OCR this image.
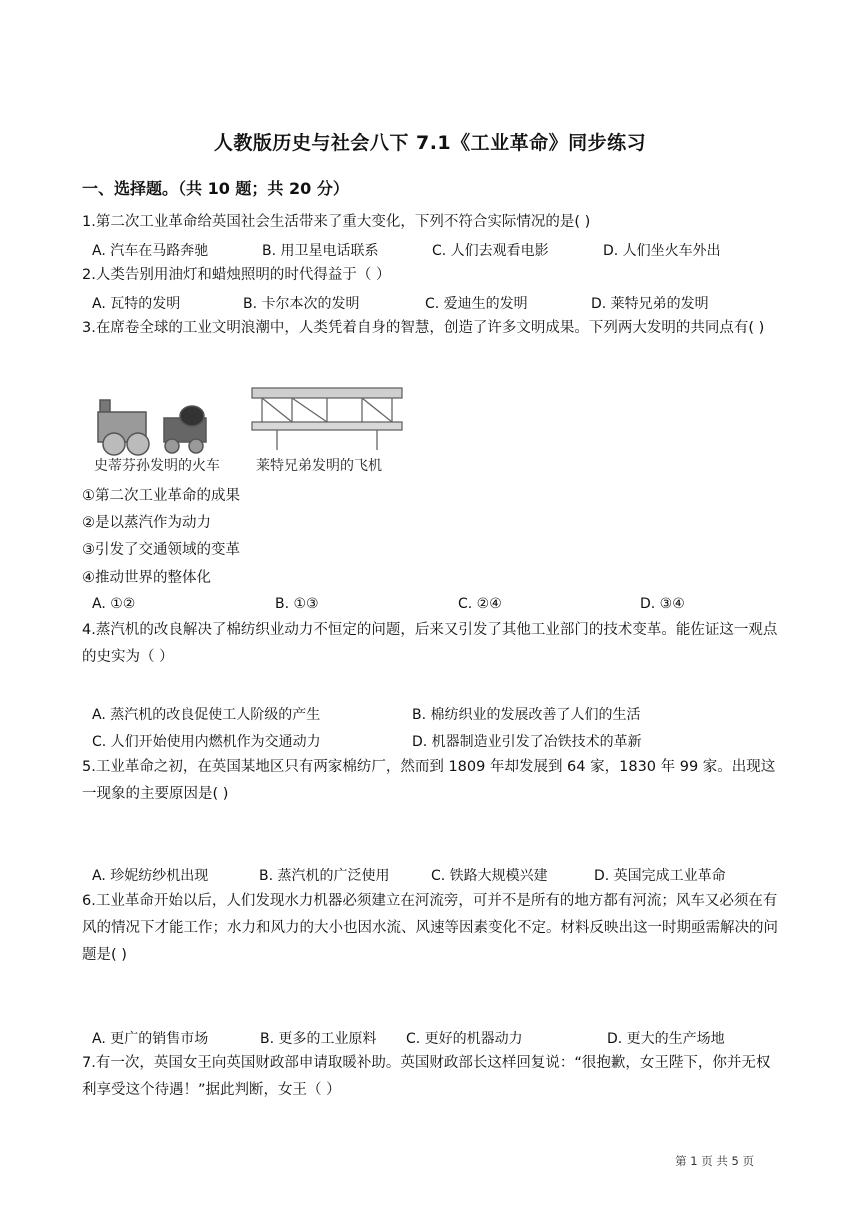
人教版历史与社会八下 7.1《工业革命》同步练习
一、选择题。（共 10 题；共 20 分）
1.第二次工业革命给英国社会生活带来了重大变化，下列不符合实际情况的是( )
A. 汽车在马路奔驰	B. 用卫星电话联系	C. 人们去观看电影	D. 人们坐火车外出
2.人类告别用油灯和蜡烛照明的时代得益于（ ）
A. 瓦特的发明	B. 卡尔本次的发明	C. 爱迪生的发明	D. 莱特兄弟的发明
3.在席卷全球的工业文明浪潮中，人类凭着自身的智慧，创造了许多文明成果。下列两大发明的共同点有( )
史蒂芬孙发明的火车	莱特兄弟发明的飞机
①第二次工业革命的成果
②是以蒸汽作为动力
③引发了交通领域的变革
④推动世界的整体化
A. ①②	B. ①③	C. ②④	D. ③④
4.蒸汽机的改良解决了棉纺织业动力不恒定的问题，后来又引发了其他工业部门的技术变革。能佐证这一观点的史实为（ ）
A. 蒸汽机的改良促使工人阶级的产生	B. 棉纺织业的发展改善了人们的生活
C. 人们开始使用内燃机作为交通动力	D. 机器制造业引发了冶铁技术的革新
5.工业革命之初，在英国某地区只有两家棉纺厂，然而到 1809 年却发展到 64 家，1830 年 99 家。出现这一现象的主要原因是( )
A. 珍妮纺纱机出现	B. 蒸汽机的广泛使用	C. 铁路大规模兴建	D. 英国完成工业革命
6.工业革命开始以后，人们发现水力机器必须建立在河流旁，可并不是所有的地方都有河流；风车又必须在有风的情况下才能工作；水力和风力的大小也因水流、风速等因素变化不定。材料反映出这一时期亟需解决的问题是( )
A. 更广的销售市场	B. 更多的工业原料 C. 更好的机器动力	D. 更大的生产场地
7.有一次，英国女王向英国财政部申请取暖补助。英国财政部长这样回复说：“很抱歉，女王陛下，你并无权利享受这个待遇！”据此判断，女王（ ）
第 1 页 共 5 页
